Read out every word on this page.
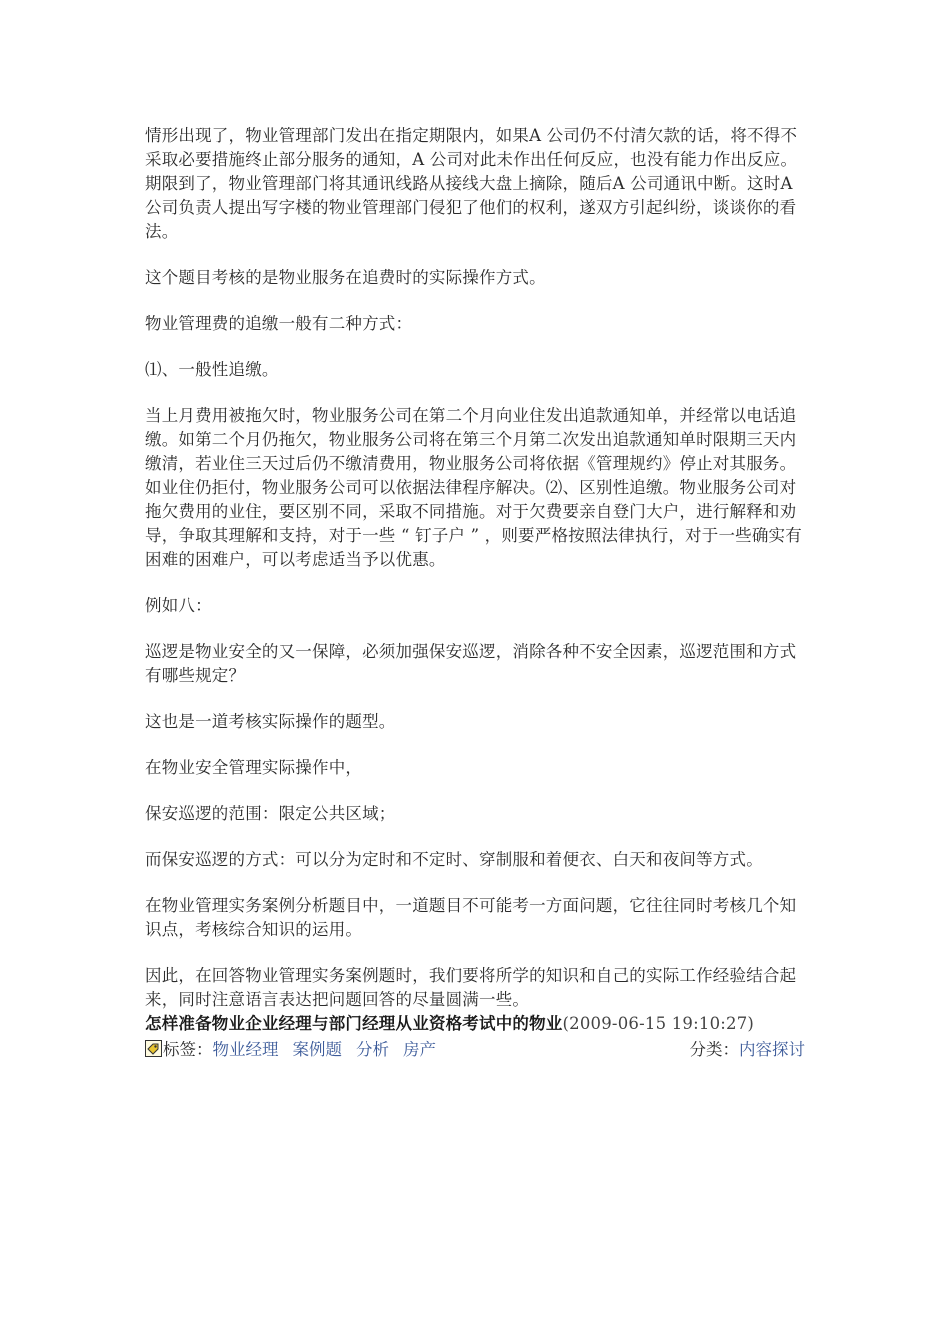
情形出现了，物业管理部门发出在指定期限内，如果A 公司仍不付清欠款的话，将不得不采取必要措施终止部分服务的通知，A 公司对此未作出任何反应，也没有能力作出反应。期限到了，物业管理部门将其通讯线路从接线大盘上摘除，随后A 公司通讯中断。这时A 公司负责人提出写字楼的物业管理部门侵犯了他们的权利，遂双方引起纠纷，谈谈你的看法。

这个题目考核的是物业服务在追费时的实际操作方式。

物业管理费的追缴一般有二种方式：

⑴、一般性追缴。

当上月费用被拖欠时，物业服务公司在第二个月向业住发出追款通知单，并经常以电话追缴。如第二个月仍拖欠，物业服务公司将在第三个月第二次发出追款通知单时限期三天内缴清，若业住三天过后仍不缴清费用，物业服务公司将依据《管理规约》停止对其服务。如业住仍拒付，物业服务公司可以依据法律程序解决。⑵、区别性追缴。物业服务公司对拖欠费用的业住，要区别不同，采取不同措施。对于欠费要亲自登门大户，进行解释和劝导，争取其理解和支持，对于一些 “ 钉子户 ” ，则要严格按照法律执行，对于一些确实有困难的困难户，可以考虑适当予以优惠。

例如八：

巡逻是物业安全的又一保障，必须加强保安巡逻，消除各种不安全因素，巡逻范围和方式有哪些规定？

这也是一道考核实际操作的题型。

在物业安全管理实际操作中，

保安巡逻的范围：限定公共区域；

而保安巡逻的方式：可以分为定时和不定时、穿制服和着便衣、白天和夜间等方式。

在物业管理实务案例分析题目中，一道题目不可能考一方面问题，它往往同时考核几个知识点，考核综合知识的运用。

因此，在回答物业管理实务案例题时，我们要将所学的知识和自己的实际工作经验结合起来，同时注意语言表达把问题回答的尽量圆满一些。

怎样准备物业企业经理与部门经理从业资格考试中的物业(2009-06-15 19:10:27)

标签：物业经理 案例题 分析 房产	分类：内容探讨
